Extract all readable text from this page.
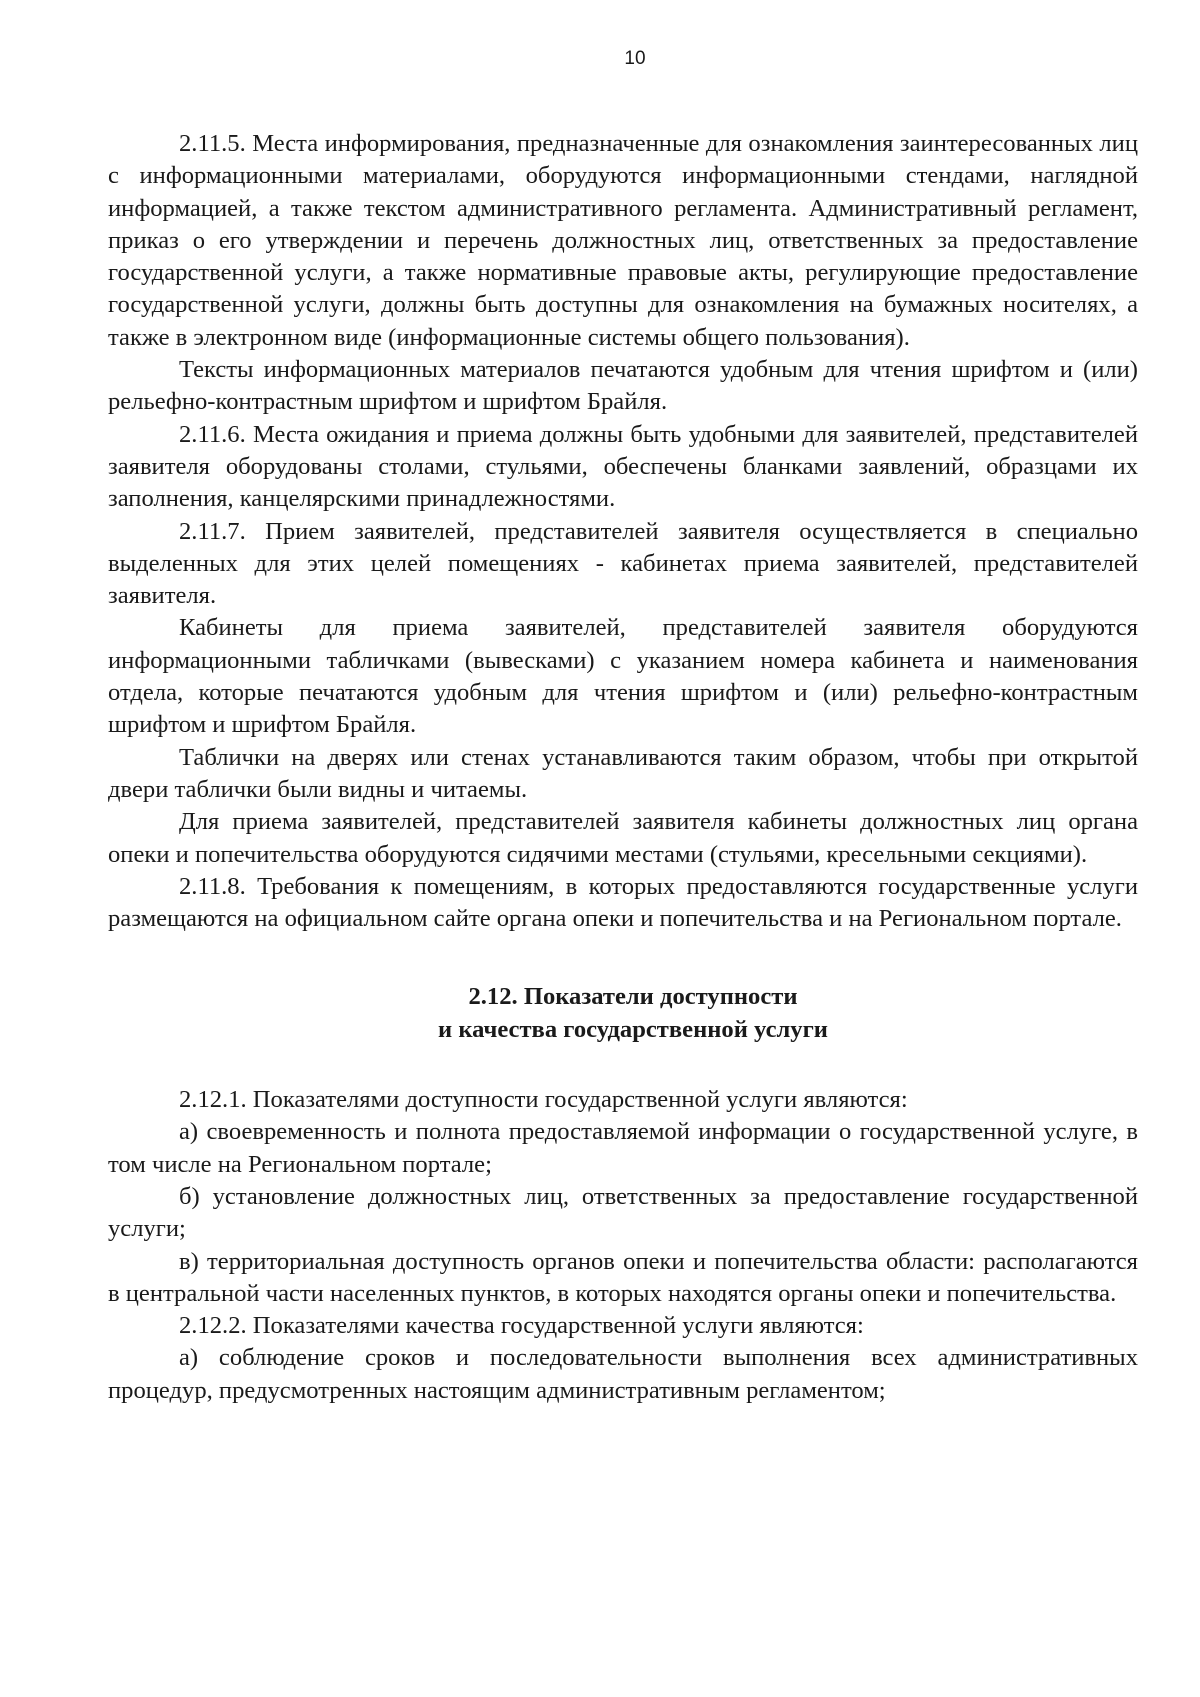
10

2.11.5. Места информирования, предназначенные для ознакомления заинтересованных лиц с информационными материалами, оборудуются информационными стендами, наглядной информацией, а также текстом административного регламента. Административный регламент, приказ о его утверждении и перечень должностных лиц, ответственных за предоставление государственной услуги, а также нормативные правовые акты, регулирующие предоставление государственной услуги, должны быть доступны для ознакомления на бумажных носителях, а также в электронном виде (информационные системы общего пользования).

Тексты информационных материалов печатаются удобным для чтения шрифтом и (или) рельефно-контрастным шрифтом и шрифтом Брайля.

2.11.6. Места ожидания и приема должны быть удобными для заявителей, представителей заявителя оборудованы столами, стульями, обеспечены бланками заявлений, образцами их заполнения, канцелярскими принадлежностями.

2.11.7. Прием заявителей, представителей заявителя осуществляется в специально выделенных для этих целей помещениях - кабинетах приема заявителей, представителей заявителя.

Кабинеты для приема заявителей, представителей заявителя оборудуются информационными табличками (вывесками) с указанием номера кабинета и наименования отдела, которые печатаются удобным для чтения шрифтом и (или) рельефно-контрастным шрифтом и шрифтом Брайля.

Таблички на дверях или стенах устанавливаются таким образом, чтобы при открытой двери таблички были видны и читаемы.

Для приема заявителей, представителей заявителя кабинеты должностных лиц органа опеки и попечительства оборудуются сидячими местами (стульями, кресельными секциями).

2.11.8. Требования к помещениям, в которых предоставляются государственные услуги размещаются на официальном сайте органа опеки и попечительства и на Региональном портале.

2.12. Показатели доступности
и качества государственной услуги

2.12.1. Показателями доступности государственной услуги являются:

а) своевременность и полнота предоставляемой информации о государственной услуге, в том числе на Региональном портале;

б) установление должностных лиц, ответственных за предоставление государственной услуги;

в) территориальная доступность органов опеки и попечительства области: располагаются в центральной части населенных пунктов, в которых находятся органы опеки и попечительства.

2.12.2. Показателями качества государственной услуги являются:

а) соблюдение сроков и последовательности выполнения всех административных процедур, предусмотренных настоящим административным регламентом;
